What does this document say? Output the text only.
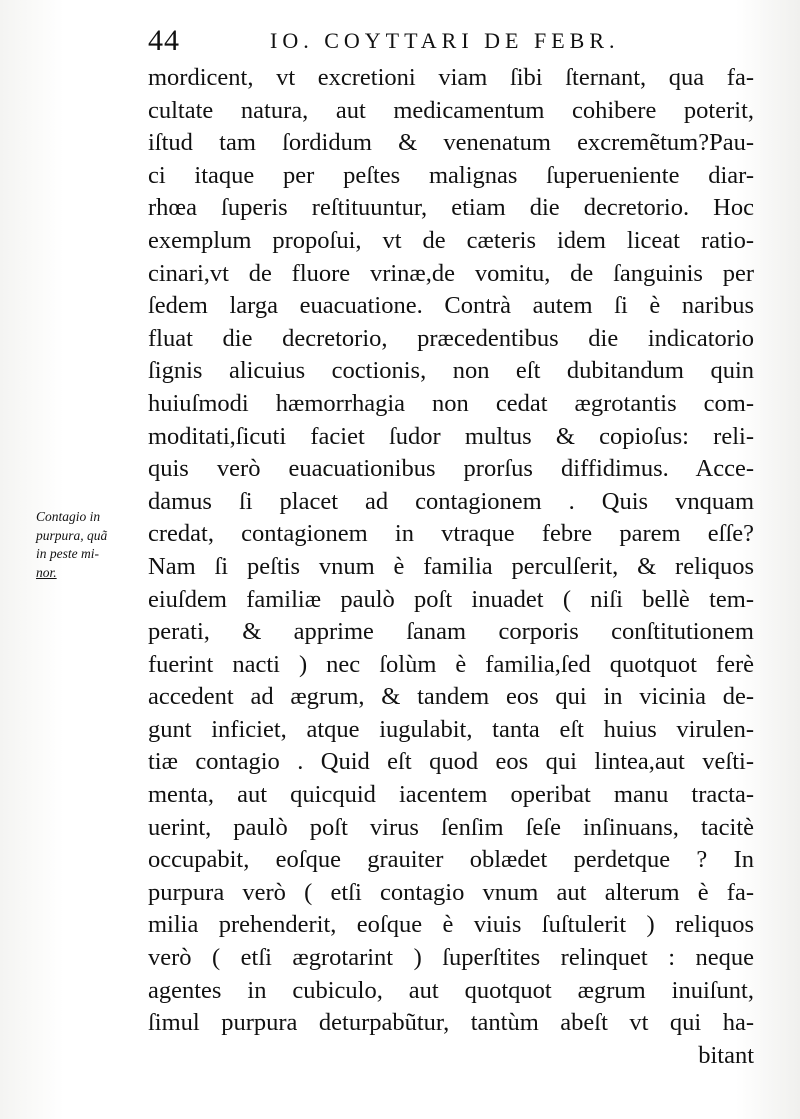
44	IO. COYTTARI DE FEBR.
Contagio in
purpura, quã
in peste mi-
nor.
mordicent, vt excretioni viam ſibi ſternant, qua fa-
cultate natura, aut medicamentum cohibere poterit,
iſtud tam ſordidum & venenatum excremẽtum?Pau-
ci itaque per peſtes malignas ſuperueniente diar-
rhœa ſuperis reſtituuntur, etiam die decretorio. Hoc
exemplum propoſui, vt de cæteris idem liceat ratio-
cinari,vt de fluore vrinæ,de vomitu, de ſanguinis per
ſedem larga euacuatione. Contrà autem ſi è naribus
fluat die decretorio, præcedentibus die indicatorio
ſignis alicuius coctionis, non eſt dubitandum quin
huiuſmodi hæmorrhagia non cedat ægrotantis com-
moditati,ſicuti faciet ſudor multus & copioſus: reli-
quis verò euacuationibus prorſus diffidimus. Acce-
damus ſi placet ad contagionem . Quis vnquam
credat, contagionem in vtraque febre parem eſſe?
Nam ſi peſtis vnum è familia perculſerit, & reliquos
eiuſdem familiæ paulò poſt inuadet ( niſi bellè tem-
perati, & apprime ſanam corporis conſtitutionem
fuerint nacti ) nec ſolùm è familia,ſed quotquot ferè
accedent ad ægrum, & tandem eos qui in vicinia de-
gunt inficiet, atque iugulabit, tanta eſt huius virulen-
tiæ contagio . Quid eſt quod eos qui lintea,aut veſti-
menta, aut quicquid iacentem operibat manu tracta-
uerint, paulò poſt virus ſenſim ſeſe inſinuans, tacitè
occupabit, eoſque grauiter oblædet perdetque ? In
purpura verò ( etſi contagio vnum aut alterum è fa-
milia prehenderit, eoſque è viuis ſuſtulerit ) reliquos
verò ( etſi ægrotarint ) ſuperſtites relinquet : neque
agentes in cubiculo, aut quotquot ægrum inuiſunt,
ſimul purpura deturpabũtur, tantùm abeſt vt qui ha-
bitant
